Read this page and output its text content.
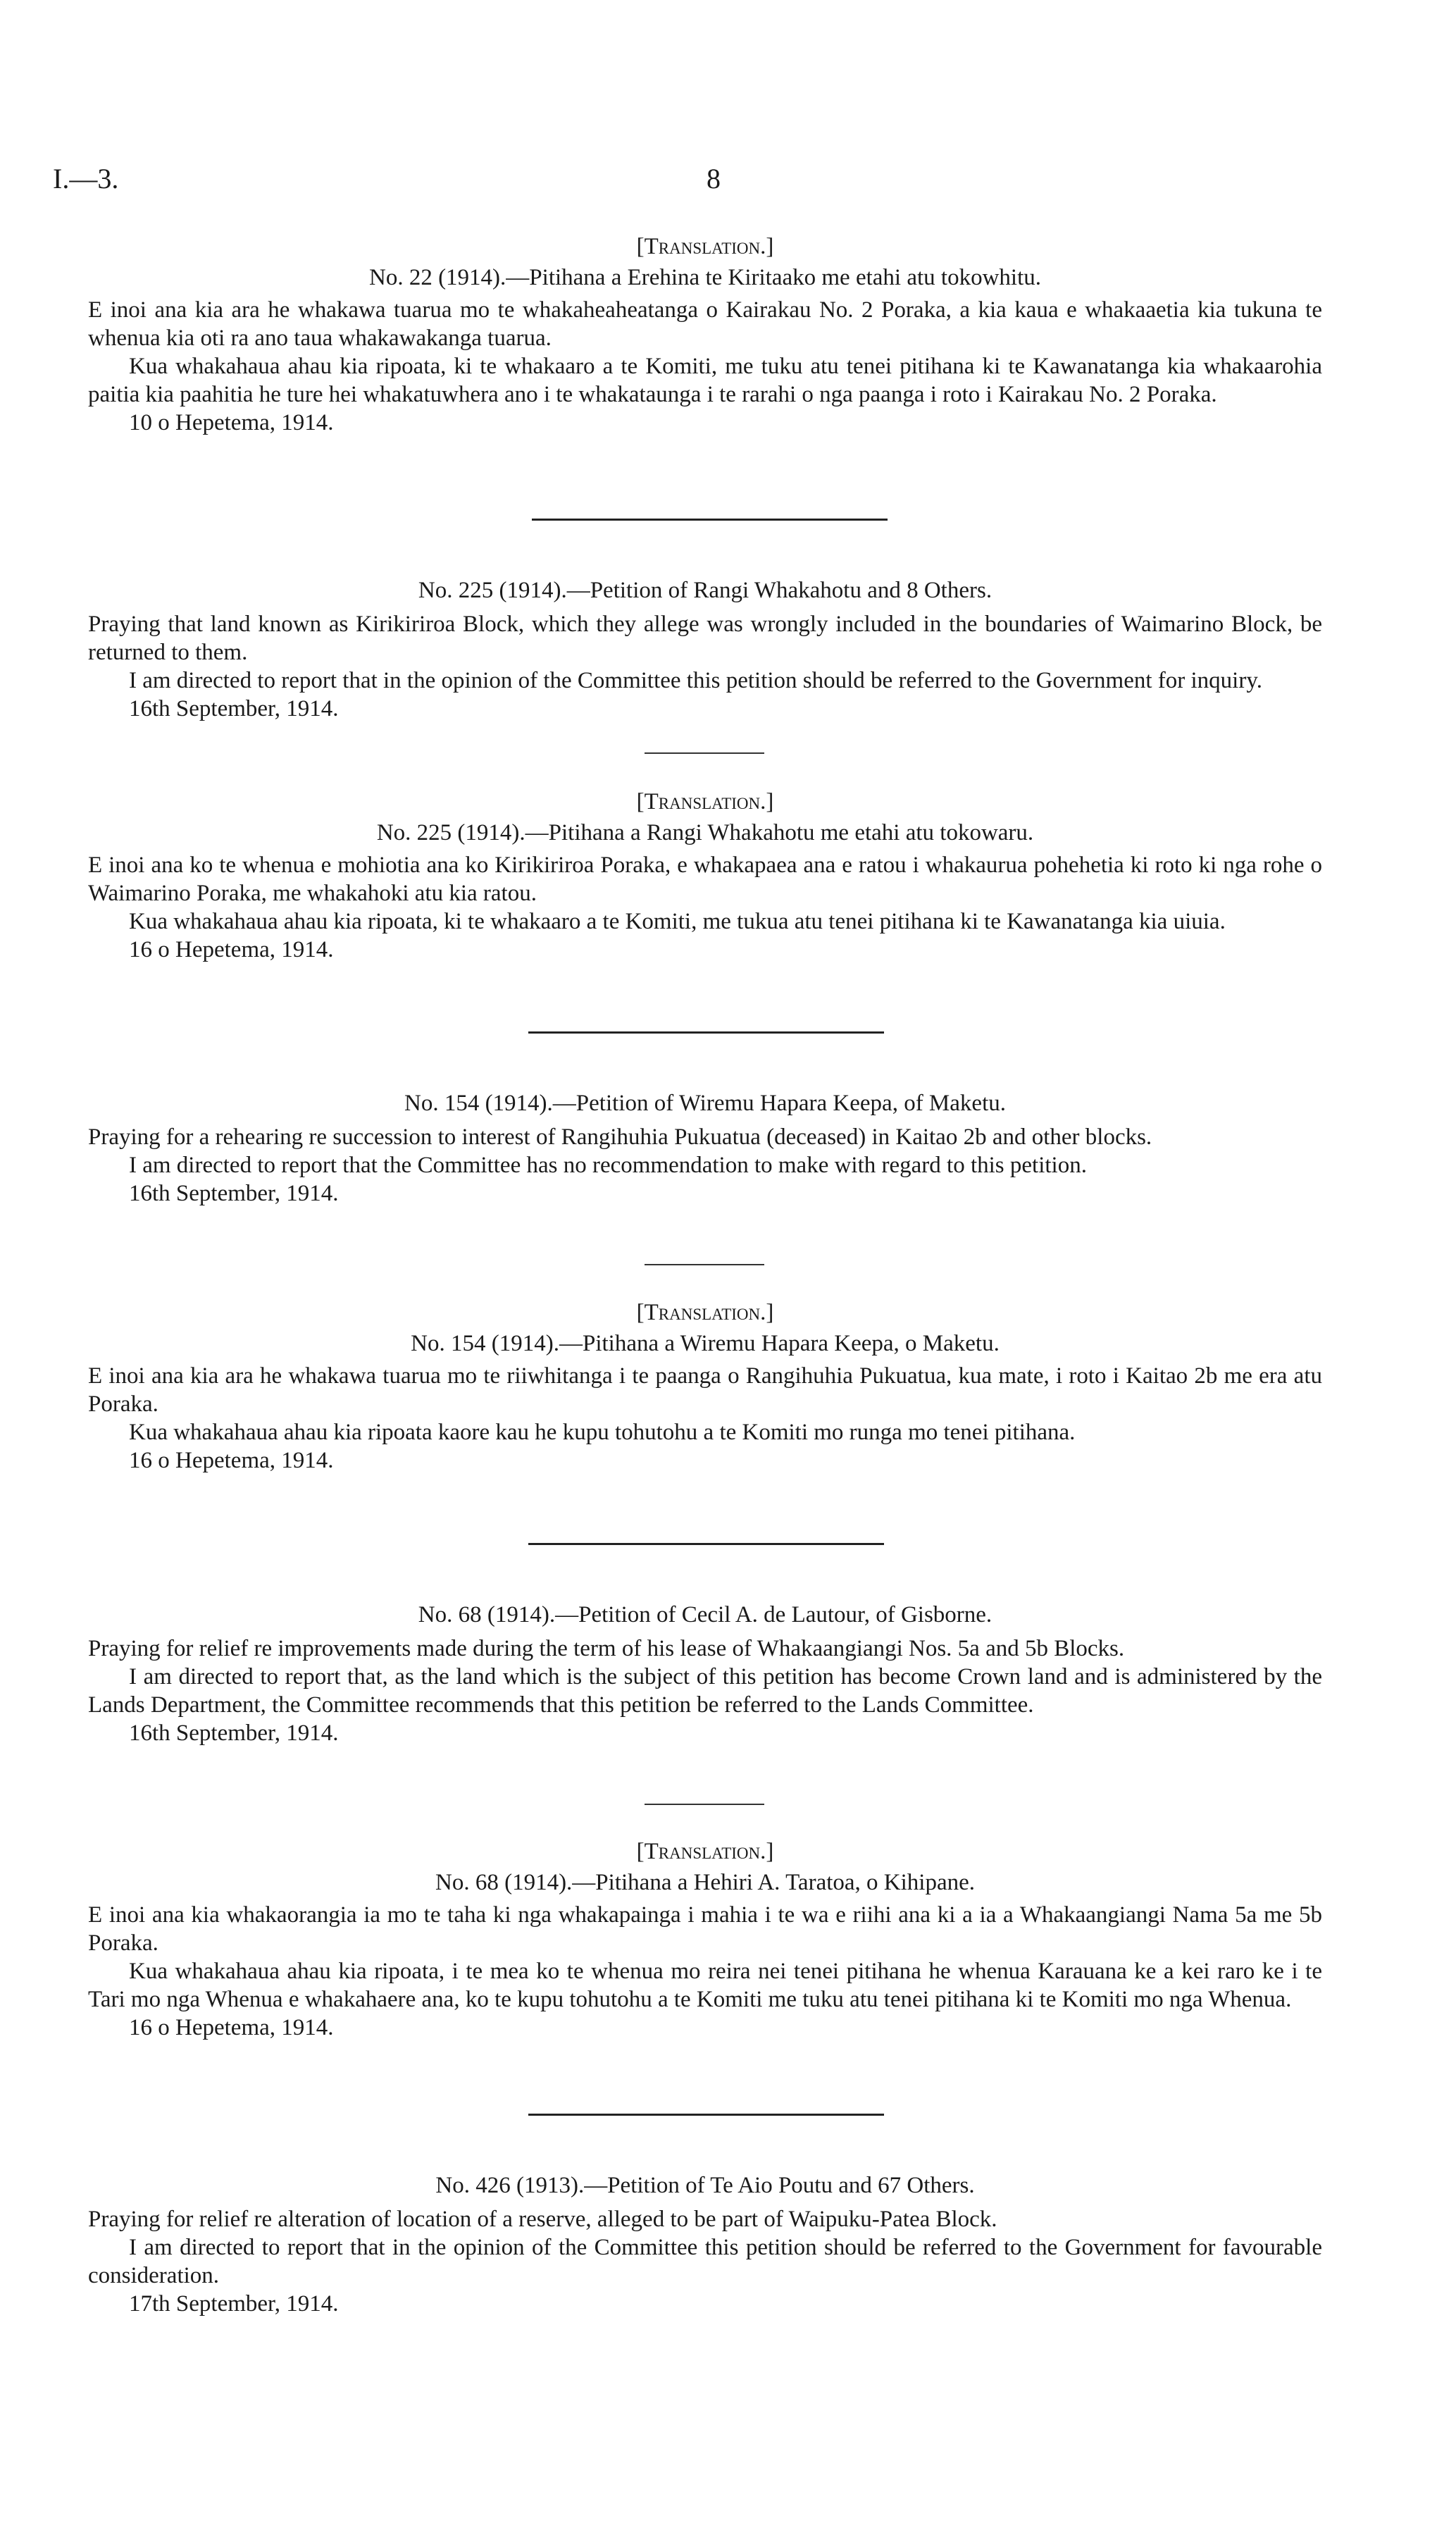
I.—3.	8

[Translation.]

No. 22 (1914).—Pitihana a Erehina te Kiritaako me etahi atu tokowhitu.

E inoi ana kia ara he whakawa tuarua mo te whakaheaheatanga o Kairakau No. 2 Poraka, a kia kaua e whakaaetia kia tukuna te whenua kia oti ra ano taua whakawakanga tuarua.

Kua whakahaua ahau kia ripoata, ki te whakaaro a te Komiti, me tuku atu tenei pitihana ki te Kawanatanga kia whakaarohia paitia kia paahitia he ture hei whakatuwhera ano i te whakataunga i te rarahi o nga paanga i roto i Kairakau No. 2 Poraka.

10 o Hepetema, 1914.

No. 225 (1914).—Petition of Rangi Whakahotu and 8 Others.

Praying that land known as Kirikiriroa Block, which they allege was wrongly included in the boundaries of Waimarino Block, be returned to them.

I am directed to report that in the opinion of the Committee this petition should be referred to the Government for inquiry.

16th September, 1914.

[Translation.]

No. 225 (1914).—Pitihana a Rangi Whakahotu me etahi atu tokowaru.

E inoi ana ko te whenua e mohiotia ana ko Kirikiriroa Poraka, e whakapaea ana e ratou i whakaurua pohehetia ki roto ki nga rohe o Waimarino Poraka, me whakahoki atu kia ratou.

Kua whakahaua ahau kia ripoata, ki te whakaaro a te Komiti, me tukua atu tenei pitihana ki te Kawanatanga kia uiuia.

16 o Hepetema, 1914.

No. 154 (1914).—Petition of Wiremu Hapara Keepa, of Maketu.

Praying for a rehearing re succession to interest of Rangihuhia Pukuatua (deceased) in Kaitao 2b and other blocks.

I am directed to report that the Committee has no recommendation to make with regard to this petition.

16th September, 1914.

[Translation.]

No. 154 (1914).—Pitihana a Wiremu Hapara Keepa, o Maketu.

E inoi ana kia ara he whakawa tuarua mo te riiwhitanga i te paanga o Rangihuhia Pukuatua, kua mate, i roto i Kaitao 2b me era atu Poraka.

Kua whakahaua ahau kia ripoata kaore kau he kupu tohutohu a te Komiti mo runga mo tenei pitihana.

16 o Hepetema, 1914.

No. 68 (1914).—Petition of Cecil A. de Lautour, of Gisborne.

Praying for relief re improvements made during the term of his lease of Whakaangiangi Nos. 5a and 5b Blocks.

I am directed to report that, as the land which is the subject of this petition has become Crown land and is administered by the Lands Department, the Committee recommends that this petition be referred to the Lands Committee.

16th September, 1914.

[Translation.]

No. 68 (1914).—Pitihana a Hehiri A. Taratoa, o Kihipane.

E inoi ana kia whakaorangia ia mo te taha ki nga whakapainga i mahia i te wa e riihi ana ki a ia a Whakaangiangi Nama 5a me 5b Poraka.

Kua whakahaua ahau kia ripoata, i te mea ko te whenua mo reira nei tenei pitihana he whenua Karauana ke a kei raro ke i te Tari mo nga Whenua e whakahaere ana, ko te kupu tohutohu a te Komiti me tuku atu tenei pitihana ki te Komiti mo nga Whenua.

16 o Hepetema, 1914.

No. 426 (1913).—Petition of Te Aio Poutu and 67 Others.

Praying for relief re alteration of location of a reserve, alleged to be part of Waipuku-Patea Block.

I am directed to report that in the opinion of the Committee this petition should be referred to the Government for favourable consideration.

17th September, 1914.
